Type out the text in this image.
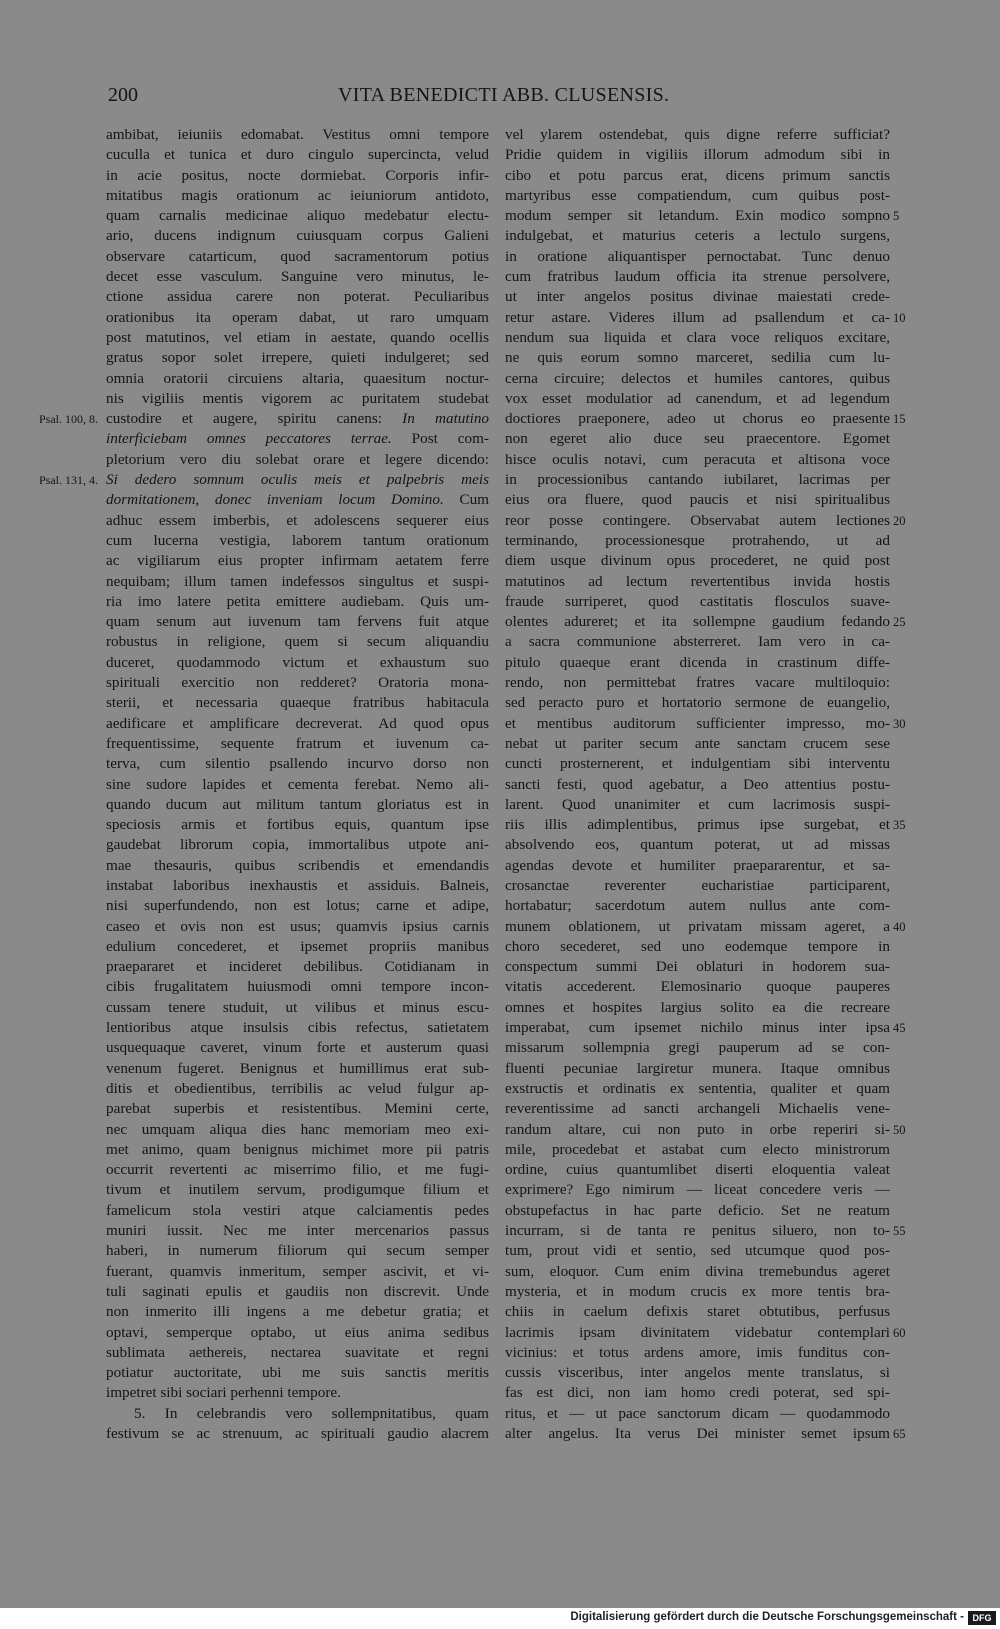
200	VITA BENEDICTI ABB. CLUSENSIS.
ambibat, ieiuniis edomabat. Vestitus omni tempore
cuculla et tunica et duro cingulo supercincta, velud
in acie positus, nocte dormiebat. Corporis infir-
mitatibus magis orationum ac ieiuniorum antidoto,
quam carnalis medicinae aliquo medebatur electu-
ario, ducens indignum cuiusquam corpus Galieni
observare catarticum, quod sacramentorum potius
decet esse vasculum. Sanguine vero minutus, le-
ctione assidua carere non poterat. Peculiaribus
orationibus ita operam dabat, ut raro umquam
post matutinos, vel etiam in aestate, quando ocellis
gratus sopor solet irrepere, quieti indulgeret; sed
omnia oratorii circuiens altaria, quaesitum noctur-
nis vigiliis mentis vigorem ac puritatem studebat
custodire et augere, spiritu canens: In matutino
interficiebam omnes peccatores terrae. Post com-
pletorium vero diu solebat orare et legere dicendo:
Si dedero somnum oculis meis et palpebris meis
dormitationem, donec inveniam locum Domino. Cum
adhuc essem imberbis, et adolescens sequerer eius
cum lucerna vestigia, laborem tantum orationum
ac vigiliarum eius propter infirmam aetatem ferre
nequibam; illum tamen indefessos singultus et suspi-
ria imo latere petita emittere audiebam. Quis um-
quam senum aut iuvenum tam fervens fuit atque
robustus in religione, quem si secum aliquandiu
duceret, quodammodo victum et exhaustum suo
spirituali exercitio non redderet? Oratoria mona-
sterii, et necessaria quaeque fratribus habitacula
aedificare et amplificare decreverat. Ad quod opus
frequentissime, sequente fratrum et iuvenum ca-
terva, cum silentio psallendo incurvo dorso non
sine sudore lapides et cementa ferebat. Nemo ali-
quando ducum aut militum tantum gloriatus est in
speciosis armis et fortibus equis, quantum ipse
gaudebat librorum copia, immortalibus utpote ani-
mae thesauris, quibus scribendis et emendandis
instabat laboribus inexhaustis et assiduis. Balneis,
nisi superfundendo, non est lotus; carne et adipe,
caseo et ovis non est usus; quamvis ipsius carnis
edulium concederet, et ipsemet propriis manibus
praepararet et incideret debilibus. Cotidianam in
cibis frugalitatem huiusmodi omni tempore incon-
cussam tenere studuit, ut vilibus et minus escu-
lentioribus atque insulsis cibis refectus, satietatem
usquequaque caveret, vinum forte et austerum quasi
venenum fugeret. Benignus et humillimus erat sub-
ditis et obedientibus, terribilis ac velud fulgur ap-
parebat superbis et resistentibus. Memini certe,
nec umquam aliqua dies hanc memoriam meo exi-
met animo, quam benignus michimet more pii patris
occurrit revertenti ac miserrimo filio, et me fugi-
tivum et inutilem servum, prodigumque filium et
famelicum stola vestiri atque calciamentis pedes
muniri iussit. Nec me inter mercenarios passus
haberi, in numerum filiorum qui secum semper
fuerant, quamvis inmeritum, semper ascivit, et vi-
tuli saginati epulis et gaudiis non discrevit. Unde
non inmerito illi ingens a me debetur gratia; et
optavi, semperque optabo, ut eius anima sedibus
sublimata aethereis, nectarea suavitate et regni
potiatur auctoritate, ubi me suis sanctis meritis
impetret sibi sociari perhenni tempore.
5. In celebrandis vero sollempnitatibus, quam
festivum se ac strenuum, ac spirituali gaudio alacrem
vel ylarem ostendebat, quis digne referre sufficiat?
Pridie quidem in vigiliis illorum admodum sibi in
cibo et potu parcus erat, dicens primum sanctis
martyribus esse compatiendum, cum quibus post-
modum semper sit letandum. Exin modico sompno
indulgebat, et maturius ceteris a lectulo surgens,
in oratione aliquantisper pernoctabat. Tunc denuo
cum fratribus laudum officia ita strenue persolvere,
ut inter angelos positus divinae maiestati crede-
retur astare. Videres illum ad psallendum et ca-
nendum sua liquida et clara voce reliquos excitare,
ne quis eorum somno marceret, sedilia cum lu-
cerna circuire; delectos et humiles cantores, quibus
vox esset modulatior ad canendum, et ad legendum
doctiores praeponere, adeo ut chorus eo praesente
non egeret alio duce seu praecentore. Egomet
hisce oculis notavi, cum peracuta et altisona voce
in processionibus cantando iubilaret, lacrimas per
eius ora fluere, quod paucis et nisi spiritualibus
reor posse contingere. Observabat autem lectiones
terminando, processionesque protrahendo, ut ad
diem usque divinum opus procederet, ne quid post
matutinos ad lectum revertentibus invida hostis
fraude surriperet, quod castitatis flosculos suave-
olentes adureret; et ita sollempne gaudium fedando
a sacra communione absterreret. Iam vero in ca-
pitulo quaeque erant dicenda in crastinum diffe-
rendo, non permittebat fratres vacare multiloquio:
sed peracto puro et hortatorio sermone de euangelio,
et mentibus auditorum sufficienter impresso, mo-
nebat ut pariter secum ante sanctam crucem sese
cuncti prosternerent, et indulgentiam sibi interventu
sancti festi, quod agebatur, a Deo attentius postu-
larent. Quod unanimiter et cum lacrimosis suspi-
riis illis adimplentibus, primus ipse surgebat, et
absolvendo eos, quantum poterat, ut ad missas
agendas devote et humiliter praepararentur, et sa-
crosanctae reverenter eucharistiae participarent,
hortabatur; sacerdotum autem nullus ante com-
munem oblationem, ut privatam missam ageret, a
choro secederet, sed uno eodemque tempore in
conspectum summi Dei oblaturi in hodorem sua-
vitatis accederent. Elemosinario quoque pauperes
omnes et hospites largius solito ea die recreare
imperabat, cum ipsemet nichilo minus inter ipsa
missarum sollempnia gregi pauperum ad se con-
fluenti pecuniae largiretur munera. Itaque omnibus
exstructis et ordinatis ex sententia, qualiter et quam
reverentissime ad sancti archangeli Michaelis vene-
randum altare, cui non puto in orbe reperiri si-
mile, procedebat et astabat cum electo ministrorum
ordine, cuius quantumlibet diserti eloquentia valeat
exprimere? Ego nimirum — liceat concedere veris —
obstupefactus in hac parte deficio. Set ne reatum
incurram, si de tanta re penitus siluero, non to-
tum, prout vidi et sentio, sed utcumque quod pos-
sum, eloquor. Cum enim divina tremebundus ageret
mysteria, et in modum crucis ex more tentis bra-
chiis in caelum defixis staret obtutibus, perfusus
lacrimis ipsam divinitatem videbatur contemplari
vicinius: et totus ardens amore, imis funditus con-
cussis visceribus, inter angelos mente translatus, si
fas est dici, non iam homo credi poterat, sed spi-
ritus, et — ut pace sanctorum dicam — quodammodo
alter angelus. Ita verus Dei minister semet ipsum
Psal. 100, 8.
Psal. 131, 4.
5
10
15
20
25
30
35
40
45
50
55
60
65
Digitalisierung gefördert durch die Deutsche Forschungsgemeinschaft - DFG
